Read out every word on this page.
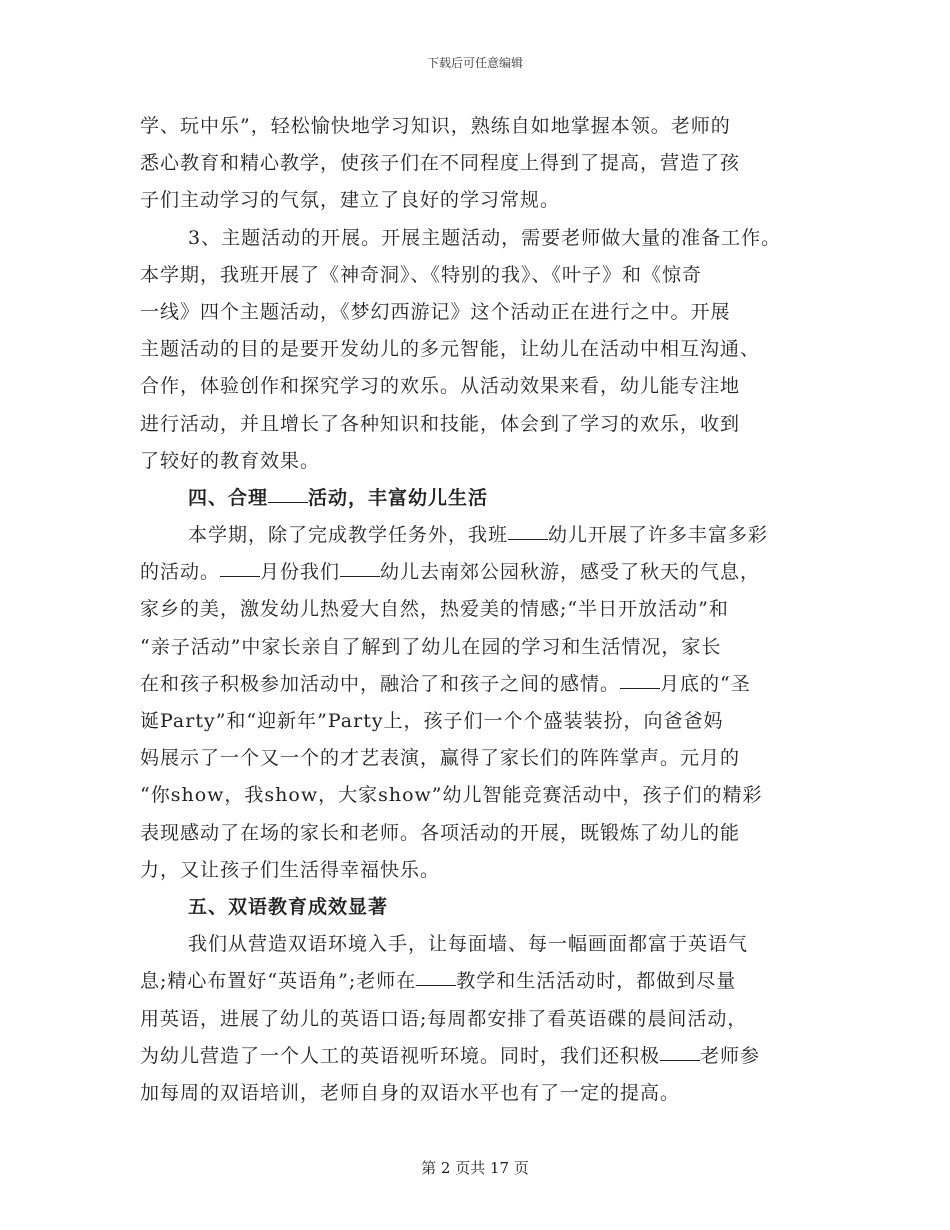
下载后可任意编辑
学、玩中乐”，轻松愉快地学习知识，熟练自如地掌握本领。老师的
悉心教育和精心教学，使孩子们在不同程度上得到了提高，营造了孩
子们主动学习的气氛，建立了良好的学习常规。
3、主题活动的开展。开展主题活动，需要老师做大量的准备工作。
本学期，我班开展了《神奇洞》、《特别的我》、《叶子》和《惊奇
一线》四个主题活动，《梦幻西游记》这个活动正在进行之中。开展
主题活动的目的是要开发幼儿的多元智能，让幼儿在活动中相互沟通、
合作，体验创作和探究学习的欢乐。从活动效果来看，幼儿能专注地
进行活动，并且增长了各种知识和技能，体会到了学习的欢乐，收到
了较好的教育效果。
四、合理 活动，丰富幼儿生活
本学期，除了完成教学任务外，我班 幼儿开展了许多丰富多彩
的活动。 月份我们 幼儿去南郊公园秋游，感受了秋天的气息，
家乡的美，激发幼儿热爱大自然，热爱美的情感;“半日开放活动”和
“亲子活动”中家长亲自了解到了幼儿在园的学习和生活情况，家长
在和孩子积极参加活动中，融洽了和孩子之间的感情。 月底的“圣
诞Party”和“迎新年”Party上，孩子们一个个盛装装扮，向爸爸妈
妈展示了一个又一个的才艺表演，赢得了家长们的阵阵掌声。元月的
“你show，我show，大家show”幼儿智能竞赛活动中，孩子们的精彩
表现感动了在场的家长和老师。各项活动的开展，既锻炼了幼儿的能
力，又让孩子们生活得幸福快乐。
五、双语教育成效显著
我们从营造双语环境入手，让每面墙、每一幅画面都富于英语气
息;精心布置好“英语角”;老师在 教学和生活活动时，都做到尽量
用英语，进展了幼儿的英语口语;每周都安排了看英语碟的晨间活动，
为幼儿营造了一个人工的英语视听环境。同时，我们还积极 老师参
加每周的双语培训，老师自身的双语水平也有了一定的提高。
第 2 页共 17 页
